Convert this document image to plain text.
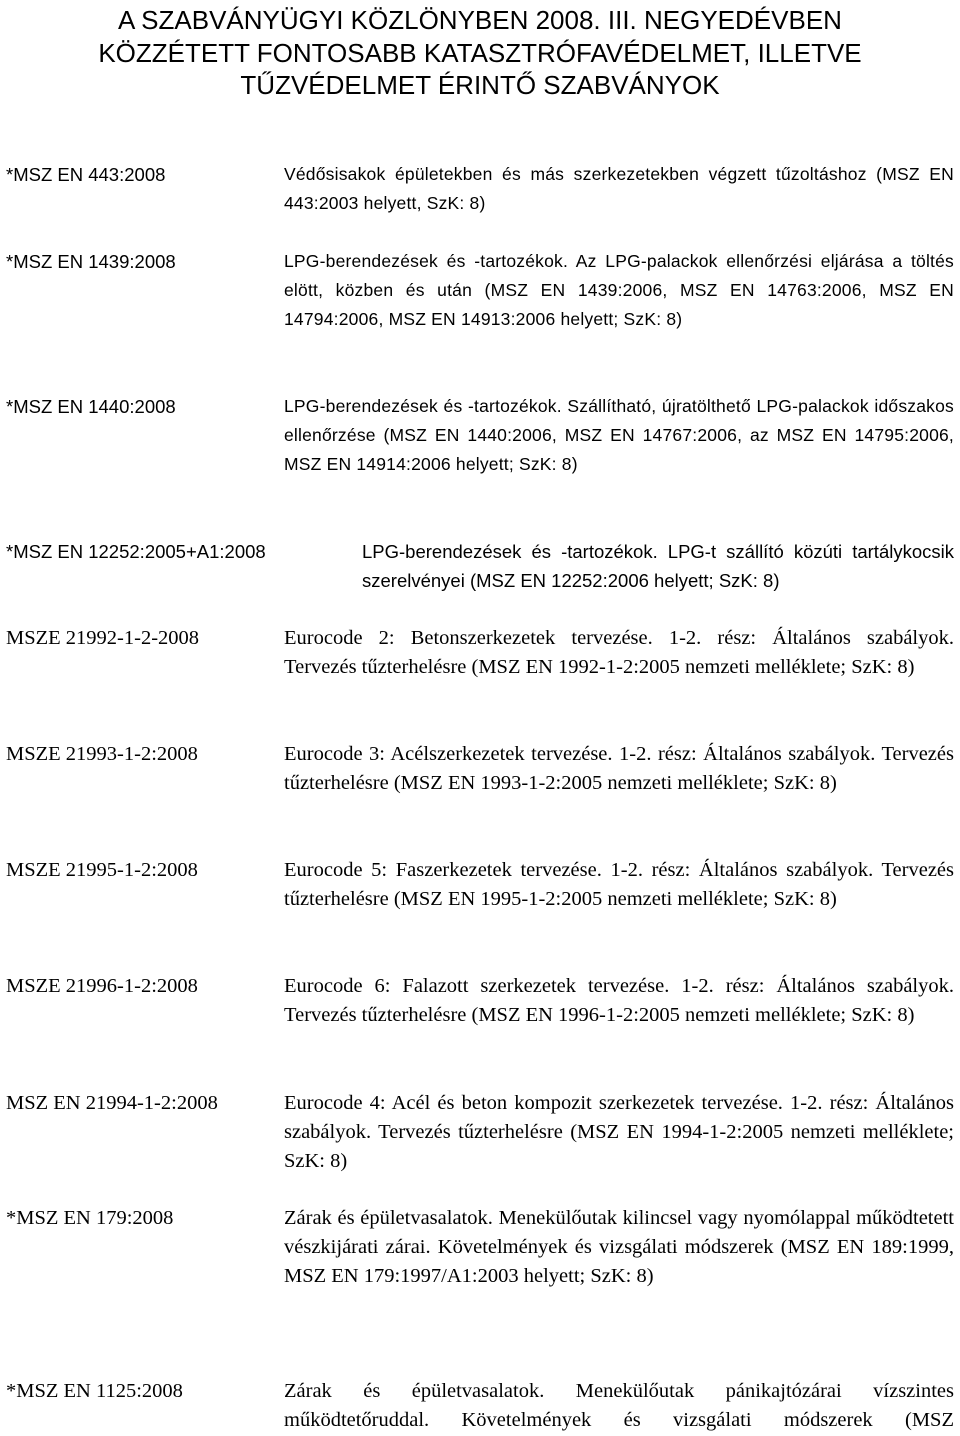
A SZABVÁNYÜGYI KÖZLÖNYBEN 2008. III. NEGYEDÉVBEN
KÖZZÉTETT FONTOSABB KATASZTRÓFAVÉDELMET, ILLETVE
TŰZVÉDELMET ÉRINTŐ SZABVÁNYOK
*MSZ EN 443:2008	Védősisakok épületekben és más szerkezetekben végzett tűzoltáshoz (MSZ EN 443:2003 helyett, SzK: 8)
*MSZ EN 1439:2008	LPG-berendezések és -tartozékok. Az LPG-palackok ellenőrzési eljárása a töltés elött, közben és után (MSZ EN 1439:2006, MSZ EN 14763:2006, MSZ EN 14794:2006, MSZ EN 14913:2006 helyett; SzK: 8)
*MSZ EN 1440:2008	LPG-berendezések és -tartozékok. Szállítható, újratölthető LPG-palackok időszakos ellenőrzése (MSZ EN 1440:2006, MSZ EN 14767:2006, az MSZ EN 14795:2006, MSZ EN 14914:2006 helyett; SzK: 8)
*MSZ EN 12252:2005+A1:2008	LPG-berendezések és -tartozékok. LPG-t szállító közúti tartálykocsik szerelvényei (MSZ EN 12252:2006 helyett; SzK: 8)
MSZE 21992-1-2-2008	Eurocode 2: Betonszerkezetek tervezése. 1-2. rész: Általános szabályok. Tervezés tűzterhelésre (MSZ EN 1992-1-2:2005 nemzeti melléklete; SzK: 8)
MSZE 21993-1-2:2008	Eurocode 3: Acélszerkezetek tervezése. 1-2. rész: Általános szabályok. Tervezés tűzterhelésre (MSZ EN 1993-1-2:2005 nemzeti melléklete; SzK: 8)
MSZE 21995-1-2:2008	Eurocode 5: Faszerkezetek tervezése. 1-2. rész: Általános szabályok. Tervezés tűzterhelésre (MSZ EN 1995-1-2:2005 nemzeti melléklete; SzK: 8)
MSZE 21996-1-2:2008	Eurocode 6: Falazott szerkezetek tervezése. 1-2. rész: Általános szabályok. Tervezés tűzterhelésre (MSZ EN 1996-1-2:2005 nemzeti melléklete; SzK: 8)
MSZ EN 21994-1-2:2008	Eurocode 4: Acél és beton kompozit szerkezetek tervezése. 1-2. rész: Általános szabályok. Tervezés tűzterhelésre (MSZ EN 1994-1-2:2005 nemzeti melléklete; SzK: 8)
*MSZ EN 179:2008	Zárak és épületvasalatok. Menekülőutak kilincsel vagy nyomólappal működtetett vészkijárati zárai. Követelmények és vizsgálati módszerek (MSZ EN 189:1999, MSZ EN 179:1997/A1:2003 helyett; SzK: 8)
*MSZ EN 1125:2008	Zárak és épületvasalatok. Menekülőutak pánikajtózárai vízszintes működtetőruddal. Követelmények és vizsgálati módszerek (MSZ
